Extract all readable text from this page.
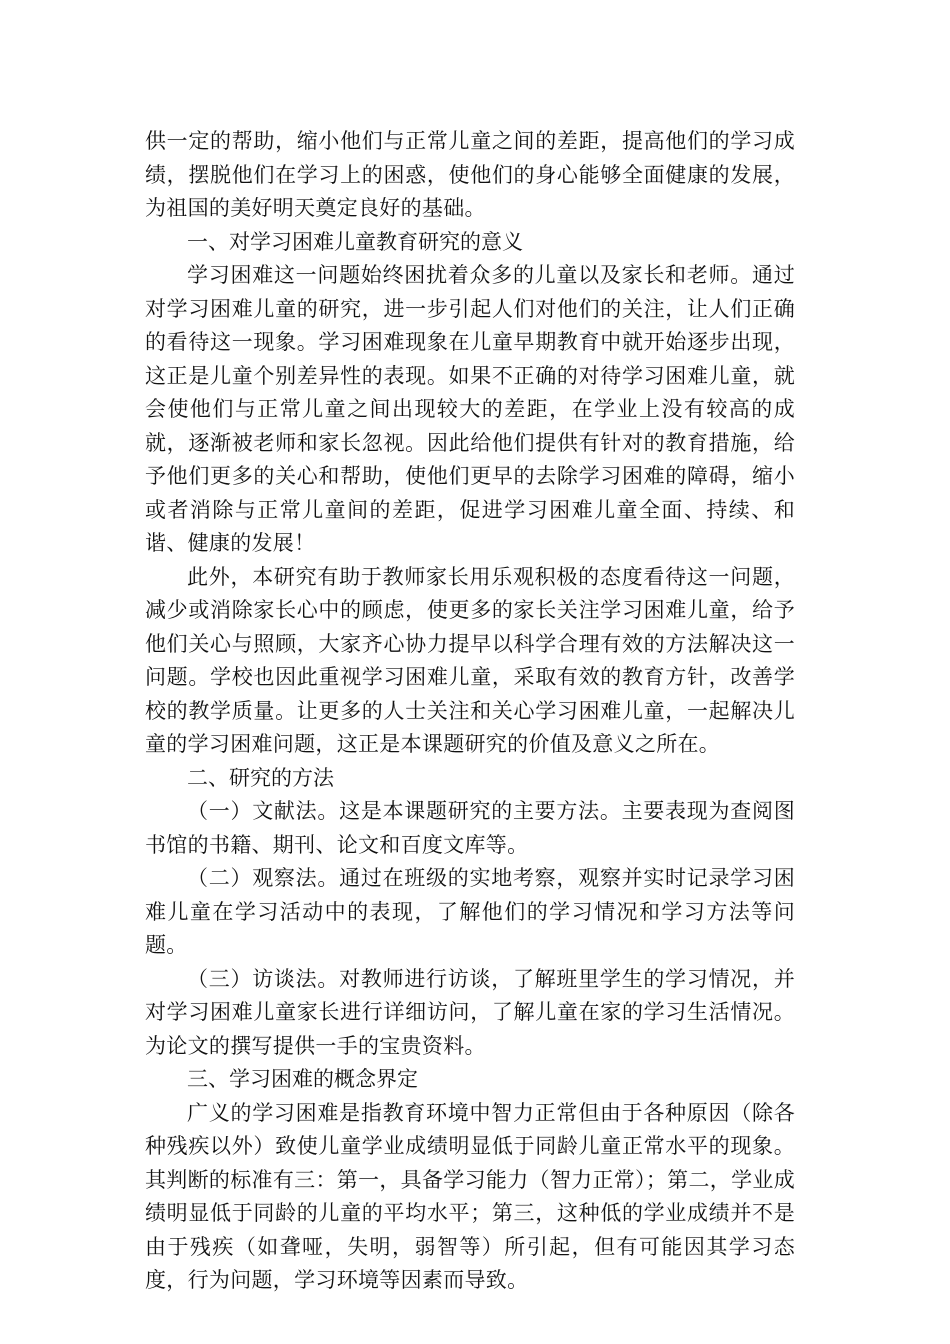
供一定的帮助，缩小他们与正常儿童之间的差距，提高他们的学习成绩，摆脱他们在学习上的困惑，使他们的身心能够全面健康的发展，为祖国的美好明天奠定良好的基础。

一、对学习困难儿童教育研究的意义

学习困难这一问题始终困扰着众多的儿童以及家长和老师。通过对学习困难儿童的研究，进一步引起人们对他们的关注，让人们正确的看待这一现象。学习困难现象在儿童早期教育中就开始逐步出现，这正是儿童个别差异性的表现。如果不正确的对待学习困难儿童，就会使他们与正常儿童之间出现较大的差距，在学业上没有较高的成就，逐渐被老师和家长忽视。因此给他们提供有针对的教育措施，给予他们更多的关心和帮助，使他们更早的去除学习困难的障碍，缩小或者消除与正常儿童间的差距，促进学习困难儿童全面、持续、和谐、健康的发展！

此外，本研究有助于教师家长用乐观积极的态度看待这一问题，减少或消除家长心中的顾虑，使更多的家长关注学习困难儿童，给予他们关心与照顾，大家齐心协力提早以科学合理有效的方法解决这一问题。学校也因此重视学习困难儿童，采取有效的教育方针，改善学校的教学质量。让更多的人士关注和关心学习困难儿童，一起解决儿童的学习困难问题，这正是本课题研究的价值及意义之所在。

二、研究的方法

（一）文献法。这是本课题研究的主要方法。主要表现为查阅图书馆的书籍、期刊、论文和百度文库等。

（二）观察法。通过在班级的实地考察，观察并实时记录学习困难儿童在学习活动中的表现，了解他们的学习情况和学习方法等问题。

（三）访谈法。对教师进行访谈，了解班里学生的学习情况，并对学习困难儿童家长进行详细访问，了解儿童在家的学习生活情况。为论文的撰写提供一手的宝贵资料。

三、学习困难的概念界定

广义的学习困难是指教育环境中智力正常但由于各种原因（除各种残疾以外）致使儿童学业成绩明显低于同龄儿童正常水平的现象。其判断的标准有三：第一，具备学习能力（智力正常）；第二，学业成绩明显低于同龄的儿童的平均水平；第三，这种低的学业成绩并不是由于残疾（如聋哑，失明，弱智等）所引起，但有可能因其学习态度，行为问题，学习环境等因素而导致。
